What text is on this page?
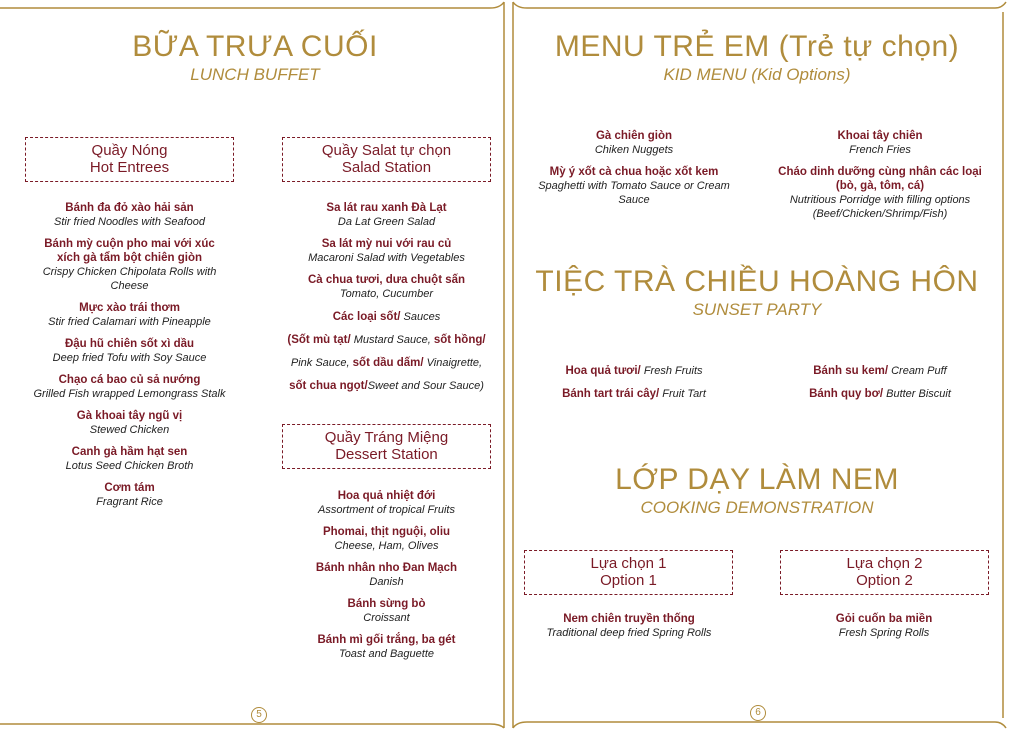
BỮA TRƯA CUỐI
LUNCH BUFFET
Quầy Nóng
Hot Entrees
Bánh đa đỏ xào hải sản
Stir fried Noodles with Seafood
Bánh mỳ cuộn pho mai với xúc xích gà tẩm bột chiên giòn
Crispy Chicken Chipolata Rolls with Cheese
Mực xào trái thơm
Stir fried Calamari with Pineapple
Đậu hũ chiên sốt xì dầu
Deep fried Tofu with Soy Sauce
Chạo cá bao củ sả nướng
Grilled Fish wrapped Lemongrass Stalk
Gà khoai tây ngũ vị
Stewed Chicken
Canh gà hầm hạt sen
Lotus Seed Chicken Broth
Cơm tám
Fragrant Rice
Quầy Salat tự chọn
Salad Station
Sa lát rau xanh Đà Lạt
Da Lat Green Salad
Sa lát mỳ nui với rau củ
Macaroni Salad with Vegetables
Cà chua tươi, dưa chuột sấn
Tomato, Cucumber
Các loại sốt/ Sauces
(Sốt mù tạt/ Mustard Sauce, sốt hồng/
Pink Sauce, sốt dầu dấm/ Vinaigrette,
sốt chua ngọt/Sweet and Sour Sauce)
Quầy Tráng Miệng
Dessert Station
Hoa quả nhiệt đới
Assortment of tropical Fruits
Phomai, thịt nguội, oliu
Cheese, Ham, Olives
Bánh nhân nho Đan Mạch
Danish
Bánh sừng bò
Croissant
Bánh mì gối trắng, ba gét
Toast and Baguette
5
MENU TRẺ EM (Trẻ tự chọn)
KID MENU (Kid Options)
Gà chiên giòn
Chiken Nuggets
Mỳ ý xốt cà chua hoặc xốt kem
Spaghetti with Tomato Sauce or Cream Sauce
Khoai tây chiên
French Fries
Cháo dinh dưỡng cùng nhân các loại (bò, gà, tôm, cá)
Nutritious Porridge with filling options (Beef/Chicken/Shrimp/Fish)
TIỆC TRÀ CHIỀU HOÀNG HÔN
SUNSET PARTY
Hoa quả tươi/ Fresh Fruits
Bánh tart trái cây/ Fruit Tart
Bánh su kem/ Cream Puff
Bánh quy bơ/ Butter Biscuit
LỚP DẠY LÀM NEM
COOKING DEMONSTRATION
Lựa chọn 1
Option 1
Lựa chọn 2
Option 2
Nem chiên truyền thống
Traditional deep fried Spring Rolls
Gỏi cuốn ba miền
Fresh Spring Rolls
6
